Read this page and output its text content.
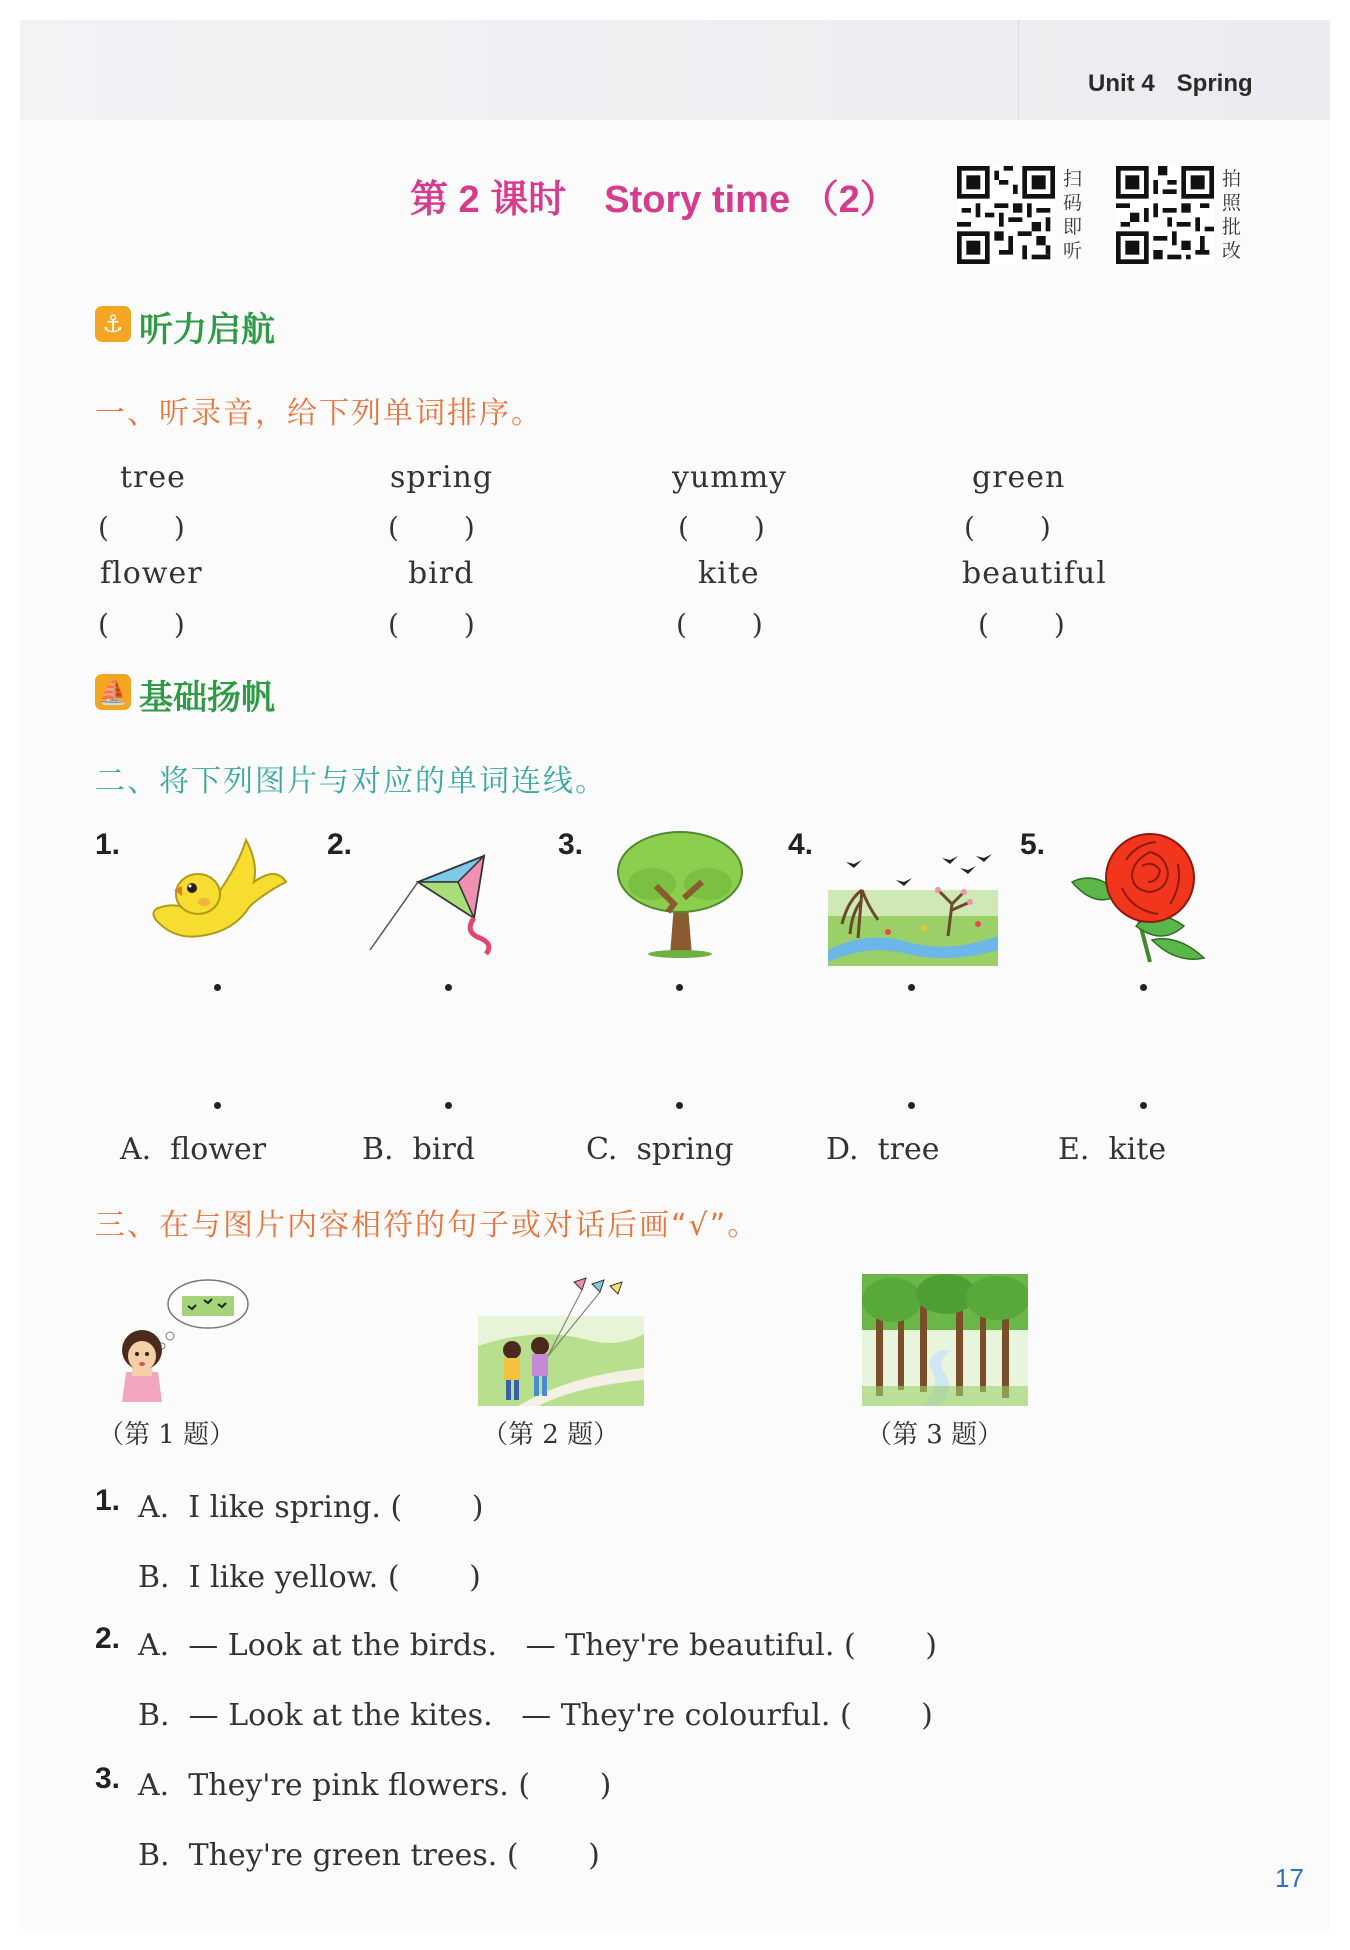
Unit 4 Spring
第 2 课时　Story time （2）	扫
码
即
听
拍
照
批
改
⚓ 听力启航
一、听录音，给下列单词排序。
tree	spring	yummy	green
(　　 )	(　　 )	(　　 )	(　　 )
flower	bird	kite	beautiful
(　　 )	(　　 )	(　　 )	(　　 )
⛵ 基础扬帆
二、将下列图片与对应的单词连线。
1.	2.	3.	4.	5.
A.  flower	B.  bird	C.  spring	D.  tree	E.  kite
三、在与图片内容相符的句子或对话后画“√”。
（第 1 题）	（第 2 题）	（第 3 题）
1. A.  I like spring. (　　 )
B.  I like yellow. (　　 )
2. A.  — Look at the birds.   — They're beautiful. (　　 )
B.  — Look at the kites.   — They're colourful. (　　 )
3. A.  They're pink flowers. (　　 )
B.  They're green trees. (　　 )
17
